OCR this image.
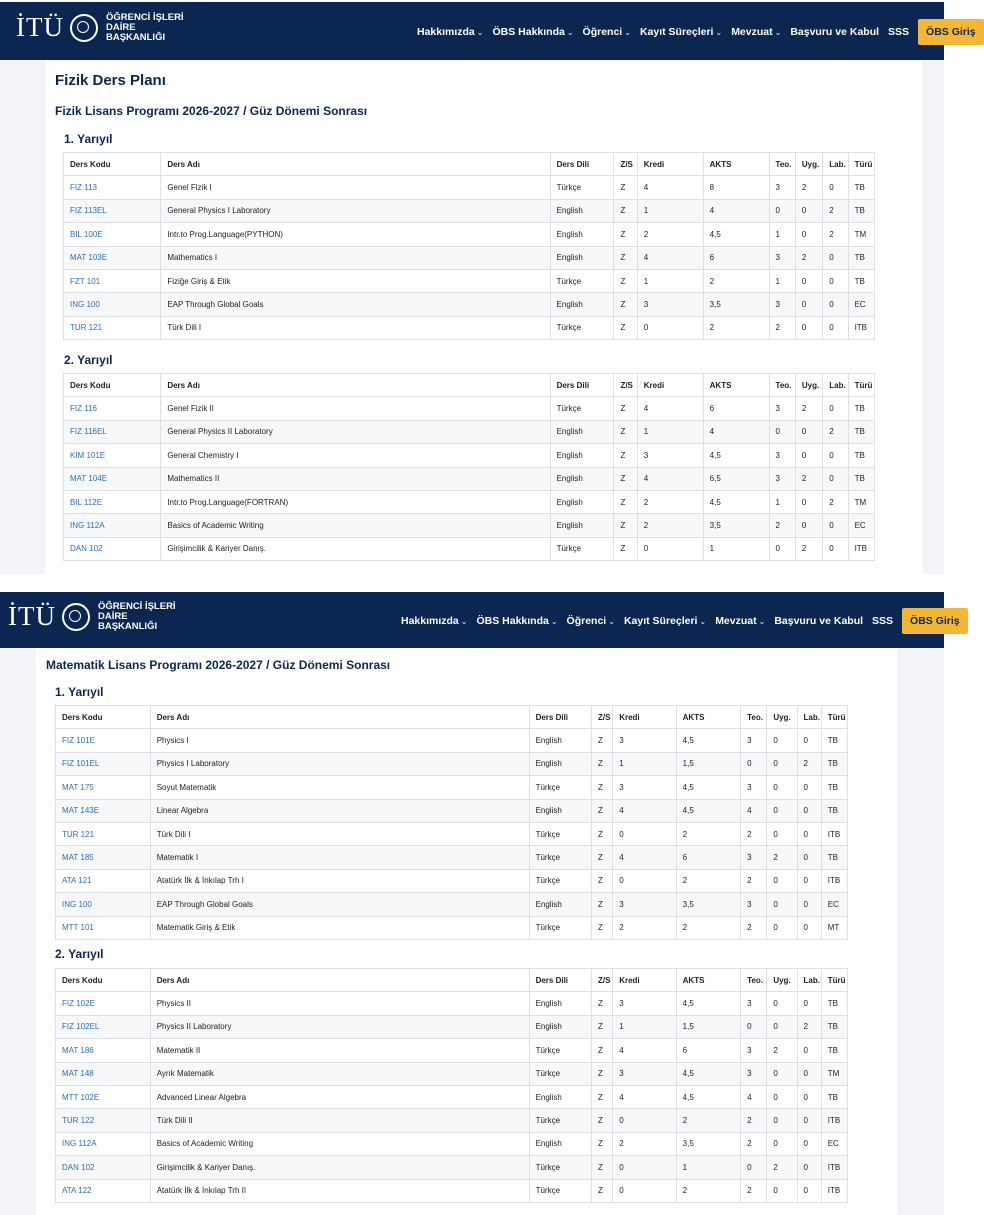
İTÜ	ÖĞRENCİ İŞLERİ
DAİRE
BAŞKANLIĞI	Hakkımızda ⌄ ÖBS Hakkında ⌄ Öğrenci ⌄ Kayıt Süreçleri ⌄ Mevzuat ⌄ Başvuru ve Kabul SSS	ÖBS Giriş
Fizik Ders Planı
Fizik Lisans Programı 2026-2027 / Güz Dönemi Sonrası
1. Yarıyıl
Ders Kodu	Ders Adı	Ders Dili	Z/S	Kredi	AKTS	Teo.	Uyg.	Lab.	Türü
FIZ 113	Genel Fizik I	Türkçe	Z	4	8	3	2	0	TB
FIZ 113EL	General Physics I Laboratory	English	Z	1	4	0	0	2	TB
BIL 100E	Intr.to Prog.Language(PYTHON)	English	Z	2	4,5	1	0	2	TM
MAT 103E	Mathematics I	English	Z	4	6	3	2	0	TB
FZT 101	Fiziğe Giriş & Etik	Türkçe	Z	1	2	1	0	0	TB
ING 100	EAP Through Global Goals	English	Z	3	3,5	3	0	0	EC
TUR 121	Türk Dili I	Türkçe	Z	0	2	2	0	0	ITB
2. Yarıyıl
Ders Kodu	Ders Adı	Ders Dili	Z/S	Kredi	AKTS	Teo.	Uyg.	Lab.	Türü
FIZ 116	Genel Fizik II	Türkçe	Z	4	6	3	2	0	TB
FIZ 116EL	General Physics II Laboratory	English	Z	1	4	0	0	2	TB
KIM 101E	General Chemistry I	English	Z	3	4,5	3	0	0	TB
MAT 104E	Mathematics II	English	Z	4	6,5	3	2	0	TB
BIL 112E	Intr.to Prog.Language(FORTRAN)	English	Z	2	4,5	1	0	2	TM
ING 112A	Basics of Academic Writing	English	Z	2	3,5	2	0	0	EC
DAN 102	Girişimcilik & Kariyer Danış.	Türkçe	Z	0	1	0	2	0	ITB
İTÜ	ÖĞRENCİ İŞLERİ
DAİRE
BAŞKANLIĞI	Hakkımızda ⌄ ÖBS Hakkında ⌄ Öğrenci ⌄ Kayıt Süreçleri ⌄ Mevzuat ⌄ Başvuru ve Kabul SSS	ÖBS Giriş
Matematik Lisans Programı 2026-2027 / Güz Dönemi Sonrası
1. Yarıyıl
Ders Kodu	Ders Adı	Ders Dili	Z/S	Kredi	AKTS	Teo.	Uyg.	Lab.	Türü
FIZ 101E	Physics I	English	Z	3	4,5	3	0	0	TB
FIZ 101EL	Physics I Laboratory	English	Z	1	1,5	0	0	2	TB
MAT 175	Soyut Matematik	Türkçe	Z	3	4,5	3	0	0	TB
MAT 143E	Linear Algebra	English	Z	4	4,5	4	0	0	TB
TUR 121	Türk Dili I	Türkçe	Z	0	2	2	0	0	ITB
MAT 185	Matematik I	Türkçe	Z	4	6	3	2	0	TB
ATA 121	Atatürk İlk & İnkılap Trh I	Türkçe	Z	0	2	2	0	0	ITB
ING 100	EAP Through Global Goals	English	Z	3	3,5	3	0	0	EC
MTT 101	Matematik Giriş & Etik	Türkçe	Z	2	2	2	0	0	MT
2. Yarıyıl
Ders Kodu	Ders Adı	Ders Dili	Z/S	Kredi	AKTS	Teo.	Uyg.	Lab.	Türü
FIZ 102E	Physics II	English	Z	3	4,5	3	0	0	TB
FIZ 102EL	Physics II Laboratory	English	Z	1	1,5	0	0	2	TB
MAT 186	Matematik II	Türkçe	Z	4	6	3	2	0	TB
MAT 148	Ayrık Matematik	Türkçe	Z	3	4,5	3	0	0	TM
MTT 102E	Advanced Linear Algebra	English	Z	4	4,5	4	0	0	TB
TUR 122	Türk Dili II	Türkçe	Z	0	2	2	0	0	ITB
ING 112A	Basics of Academic Writing	English	Z	2	3,5	2	0	0	EC
DAN 102	Girişimcilik & Kariyer Danış.	Türkçe	Z	0	1	0	2	0	ITB
ATA 122	Atatürk İlk & İnkılap Trh II	Türkçe	Z	0	2	2	0	0	ITB
